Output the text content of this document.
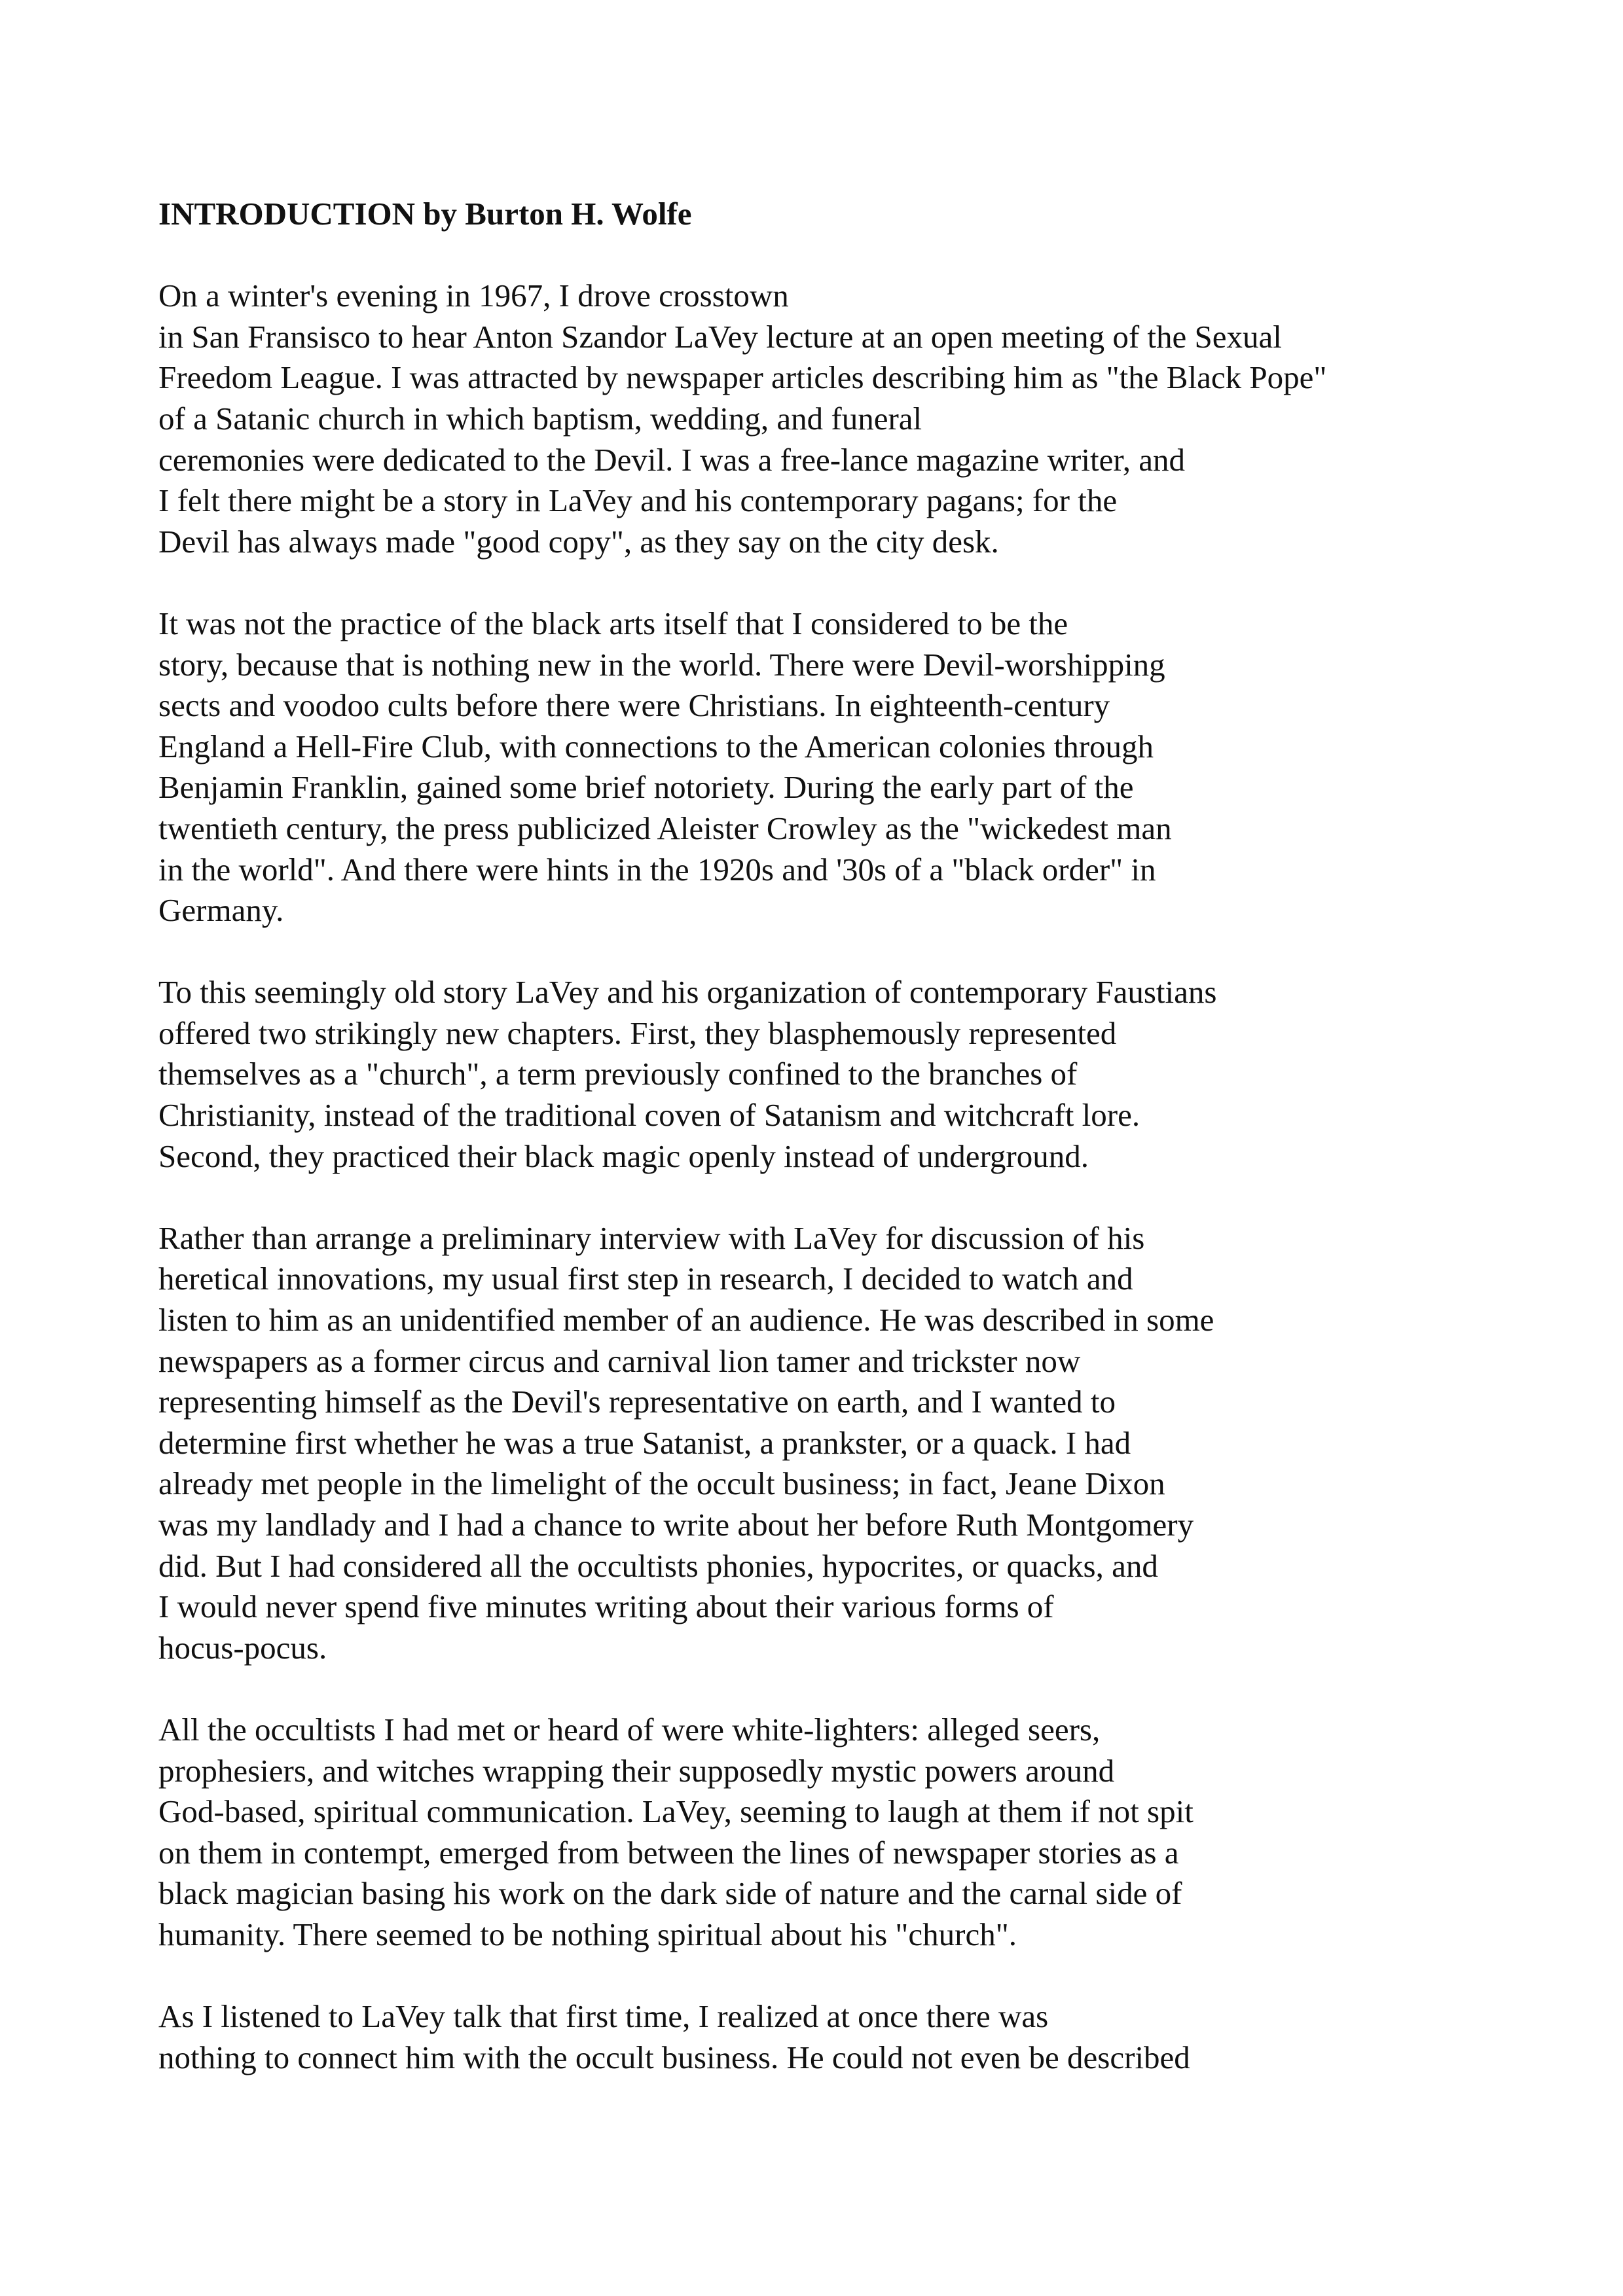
INTRODUCTION by Burton H. Wolfe
On a winter's evening in 1967, I drove crosstown
in San Fransisco to hear Anton Szandor LaVey lecture at an open meeting of the Sexual
Freedom League. I was attracted by newspaper articles describing him as "the Black Pope"
of a Satanic church in which baptism, wedding, and funeral
ceremonies were dedicated to the Devil. I was a free-lance magazine writer, and
I felt there might be a story in LaVey and his contemporary pagans; for the
Devil has always made "good copy", as they say on the city desk.
It was not the practice of the black arts itself that I considered to be the
story, because that is nothing new in the world. There were Devil-worshipping
sects and voodoo cults before there were Christians. In eighteenth-century
England a Hell-Fire Club, with connections to the American colonies through
Benjamin Franklin, gained some brief notoriety. During the early part of the
twentieth century, the press publicized Aleister Crowley as the "wickedest man
in the world". And there were hints in the 1920s and '30s of a "black order" in
Germany.
To this seemingly old story LaVey and his organization of contemporary Faustians
offered two strikingly new chapters. First, they blasphemously represented
themselves as a "church", a term previously confined to the branches of
Christianity, instead of the traditional coven of Satanism and witchcraft lore.
Second, they practiced their black magic openly instead of underground.
Rather than arrange a preliminary interview with LaVey for discussion of his
heretical innovations, my usual first step in research, I decided to watch and
listen to him as an unidentified member of an audience. He was described in some
newspapers as a former circus and carnival lion tamer and trickster now
representing himself as the Devil's representative on earth, and I wanted to
determine first whether he was a true Satanist, a prankster, or a quack. I had
already met people in the limelight of the occult business; in fact, Jeane Dixon
was my landlady and I had a chance to write about her before Ruth Montgomery
did. But I had considered all the occultists phonies, hypocrites, or quacks, and
I would never spend five minutes writing about their various forms of
hocus-pocus.
All the occultists I had met or heard of were white-lighters: alleged seers,
prophesiers, and witches wrapping their supposedly mystic powers around
God-based, spiritual communication. LaVey, seeming to laugh at them if not spit
on them in contempt, emerged from between the lines of newspaper stories as a
black magician basing his work on the dark side of nature and the carnal side of
humanity. There seemed to be nothing spiritual about his "church".
As I listened to LaVey talk that first time, I realized at once there was
nothing to connect him with the occult business. He could not even be described
